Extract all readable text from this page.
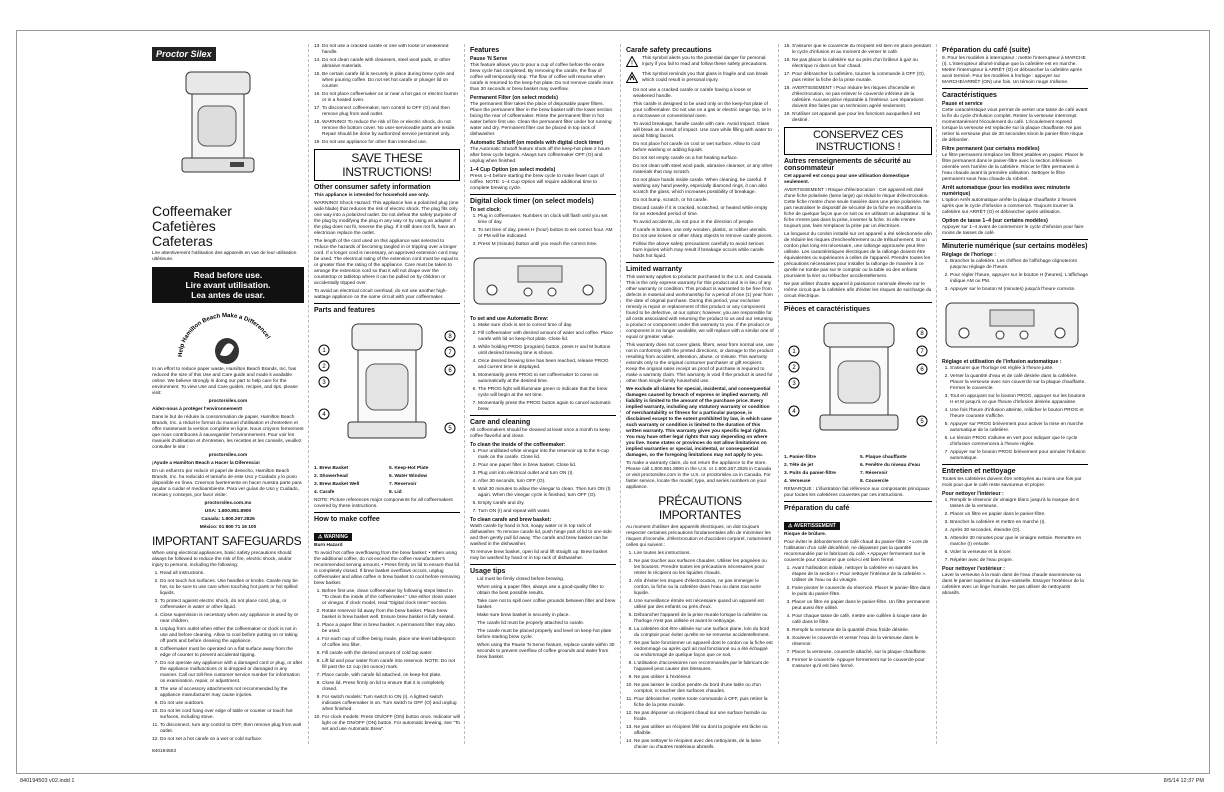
Proctor Silex
Coffeemaker
Cafetières
Cafeteras

Lire attentivement l'utilisation des appareils en vue de leur utilisation ultérieure.

Read before use.
Lire avant utilisation.
Lea antes de usar.
Help Hamilton Beach Make a Difference!

In an effort to reduce paper waste, Hamilton Beach Brands, Inc. has reduced the size of this Use and Care guide and made it available online. We believe strongly in doing our part to help care for the environment. To view Use and Care guides, recipes, and tips, please visit:

proctorsilex.com

Aidez-nous à protéger l'environnement!

Dans le but de réduire la consommation de papier, Hamilton Beach Brands, Inc. a réduit le format du manuel d'utilisation et d'entretien et offre maintenant la version complète en ligne. Nous croyons fermement que nous contribuons à sauvegarder l'environnement. Pour voir les manuels d'utilisation et d'entretien, les recettes et les conseils, veuillez consulter le site :

proctorsilex.com

¡Ayude a Hamilton Beach a Hacer la Diferencia!

En un esfuerzo por reducir el papel de desecho, Hamilton Beach Brands, Inc. ha reducido el tamaño de este Uso y Cuidado y lo puso disponible en línea. Creemos fuertemente en hacer nuestra parte para ayudar a cuidar el medioambiente. Para ver guías de Uso y Cuidado, recetas y consejos, por favor visite:

proctorsilex.com.mx

USA: 1.800.851.8900

Canada: 1.800.267.2826

México: 01 800 71 16 100

IMPORTANT SAFEGUARDS

When using electrical appliances, basic safety precautions should always be followed to reduce the risk of fire, electric shock, and/or injury to persons, including the following:

1. Read all instructions.
2. Do not touch hot surfaces. Use handles or knobs. Carafe may be hot, so be sure to use care when touching hot parts or hot spilled liquids.
3. To protect against electric shock, do not place cord, plug, or coffeemaker in water or other liquid.
4. Close supervision is necessary when any appliance is used by or near children.
5. Unplug from outlet when either the coffeemaker or clock is not in use and before cleaning. Allow to cool before putting on or taking off parts and before cleaning the appliance.
6. Coffeemaker must be operated on a flat surface away from the edge of counter to prevent accidental tipping.
7. Do not operate any appliance with a damaged cord or plug, or after the appliance malfunctions or is dropped or damaged in any manner. Call our toll-free customer service number for information on examination, repair, or adjustment.
8. The use of accessory attachments not recommended by the appliance manufacturer may cause injuries.
9. Do not use outdoors.
10. Do not let cord hang over edge of table or counter or touch hot surfaces, including stove.
11. To disconnect, turn any control to OFF, then remove plug from wall outlet.
12. Do not set a hot carafe on a wet or cold surface.

840194503

13. Do not use a cracked carafe or one with loose or weakened handle.
14. Do not clean carafe with cleansers, steel wool pads, or other abrasive materials.
15. Be certain carafe lid is securely in place during brew cycle and when pouring coffee. Do not set hot carafe or plunger lid on counter.
16. Do not place coffeemaker on or near a hot gas or electric burner or in a heated oven.
17. To disconnect coffeemaker, turn control to OFF (O) and then remove plug from wall outlet.
18. WARNING! To reduce the risk of fire or electric shock, do not remove the bottom cover. No user-serviceable parts are inside. Repair should be done by authorized service personnel only.
19. Do not use appliance for other than intended use.
SAVE THESE INSTRUCTIONS!
Other consumer safety information

This appliance is intended for household use only.

WARNING! Shock Hazard: This appliance has a polarized plug (one wide blade) that reduces the risk of electric shock. The plug fits only one way into a polarized outlet. Do not defeat the safety purpose of the plug by modifying the plug in any way or by using an adapter. If the plug does not fit, reverse the plug. If it still does not fit, have an electrician replace the outlet.

The length of the cord used on this appliance was selected to reduce the hazards of becoming tangled in or tripping over a longer cord. If a longer cord is necessary, an approved extension cord may be used. The electrical rating of the extension cord must be equal to or greater than the rating of the appliance. Care must be taken to arrange the extension cord so that it will not drape over the countertop or tabletop where it can be pulled on by children or accidentally tripped over.

To avoid an electrical circuit overload, do not use another high-wattage appliance on the same circuit with your coffeemaker.

Parts and features
1
2
3
4
8
7
6
5

1. Brew Basket	5. Keep-Hot Plate

2. Showerhead	6. Water Window

3. Brew Basket Well	7. Reservoir

4. Carafe	8. Lid

NOTE: Picture references major components for all coffeemakers covered by these instructions.

How to make coffee
⚠ WARNING

Burn Hazard

To avoid hot coffee overflowing from the brew basket: • When using the additional coffee, do not exceed the coffee manufacturer's recommended serving amount. • Press firmly on lid to ensure that lid is completely closed. If brew basket overflows occurs, unplug coffeemaker and allow coffee in brew basket to cool before removing brew basket.

1. Before first use, clean coffeemaker by following steps listed in "To clean the inside of the coffeemaker." Use either clean water or vinegar. If clock model, read "Digital clock timer" section.
2. Rotate reservoir lid away from the brew basket. Place brew basket in brew basket well. Ensure brew basket is fully seated.
3. Place a paper filter in brew basket. A permanent filter may also be used.
4. For each cup of coffee being made, place one level tablespoon of coffee into filter.
5. Fill carafe with the desired amount of cold tap water.
6. Lift lid and pour water from carafe into reservoir. NOTE: Do not fill past the 12 cup (64 ounce) mark.
7. Place carafe, with carafe lid attached, on keep-hot plate.
8. Close lid. Press firmly on lid to ensure that it is completely closed.
9. For switch models: Turn switch to ON (I). A lighted switch indicates coffeemaker is on. Turn switch to OFF (O) and unplug when finished.
10. For clock models: Press ON/OFF (ON) button once. Indicator will light on the ON/OFF (ON) button. For automatic brewing, see "To set and use Automatic Brew".
Features
Pause 'N Serve

This feature allows you to pour a cup of coffee before the entire brew cycle has completed. By removing the carafe, the flow of coffee will temporarily stop. The flow of coffee will resume when carafe is returned to the keep-hot plate. Do not remove carafe more than 30 seconds or brew basket may overflow.

Permanent Filter (on select models)

The permanent filter takes the place of disposable paper filters. Place the permanent filter in the brew basket with the lower section facing the rear of coffeemaker. Rinse the permanent filter in hot water before first use. Clean the permanent filter under hot running water and dry. Permanent filter can be placed in top rack of dishwasher.

Automatic Shutoff (on models with digital clock timer)

The Automatic Shutoff feature shuts off the keep-hot plate 2 hours after brew cycle begins. Always turn coffeemaker OFF (O) and unplug when finished.

1–4 Cup Option (on select models)

Press 1–4 before starting the brew cycle to make fewer cups of coffee. NOTE: 1–4 Cup Option will require additional time to complete brewing cycle.

Digital clock timer (on select models)
To set clock:
1. Plug in coffeemaker. Numbers on clock will flash until you set time of day.
2. To set time of day, press H (hour) button to set correct hour. AM or PM will be indicated.
3. Press M (minute) button until you reach the correct time.
To set and use Automatic Brew:
1. Make sure clock is set to correct time of day.
2. Fill coffeemaker with desired amount of water and coffee. Place carafe with lid on keep-hot plate. Close lid.
3. While holding PROG (program) button, press H and M buttons until desired brewing time is shown.
4. Once desired brewing time has been reached, release PROG and current time is displayed.
5. Momentarily press PROG to set coffeemaker to come on automatically at the desired time.
6. The PROG light will illuminate green to indicate that the brew cycle will begin at the set time.
7. Momentarily press the PROG button again to cancel automatic brew.
Care and cleaning

All coffeemakers should be cleaned at least once a month to keep coffee flavorful and clean.

To clean the inside of the coffeemaker:
1. Pour undiluted white vinegar into the reservoir up to the 6-cup mark on the carafe. Close lid.
2. Pour one paper filter in brew basket. Close lid.
3. Plug unit into electrical outlet and turn ON (I).
4. After 30 seconds, turn OFF (O).
5. Wait 30 minutes to allow the vinegar to clean. Then turn ON (I) again. When the vinegar cycle is finished, turn OFF (O).
6. Empty carafe and dry.
7. Turn ON (I) and repeat with water.
To clean carafe and brew basket:

Wash carafe by hand in hot, soapy water or in top rack of dishwasher. To remove carafe lid, push hinge part of lid to one side and then gently pull lid away. The carafe and brew basket can be washed in the dishwasher.

To remove brew basket, open lid and lift straight up. Brew basket may be washed by hand or in top rack of dishwasher.

Usage tips
• Lid must be firmly closed before brewing.
• When using a paper filter, always use a good-quality filter to obtain the best possible results.
• Take care not to spill over coffee grounds between filter and brew basket.
• Make sure brew basket is securely in place.
• The carafe lid must be properly attached to carafe.
• The carafe must be placed properly and level on keep-hot plate before starting brew cycle.
• When using the Pause 'N Serve feature, replace carafe within 30 seconds to prevent overflow of coffee grounds and water from brew basket.
Carafe safety precautions
!

This symbol alerts you to the potential danger for personal injury if you fail to read and follow these safety precautions.

This symbol reminds you that glass is fragile and can break which could result in personal injury.

• Do not use a cracked carafe or carafe having a loose or weakened handle.
• This carafe is designed to be used only on the keep-hot plate of your coffeemaker. Do not use on a gas or electric range top, or in a microwave or conventional oven.
• To avoid breakage, handle carafe with care. Avoid impact. Glass will break as a result of impact. Use care while filling with water to avoid hitting faucet.
• Do not place hot carafe on cool or wet surface. Allow to cool before washing or adding liquids.
• Do not set empty carafe on a hot heating surface.
• Do not clean with steel wool pads, abrasive cleanser, or any other materials that may scratch.
• Do not place hands inside carafe. When cleaning, be careful. If washing any hand jewelry, especially diamond rings, it can also scratch the glass, which increases possibility of breakage.
• Do not bump, scratch, or hit carafe.
• Discard carafe if it is cracked, scratched, or heated while empty for an extended period of time.
• To avoid accidents, do not pour in the direction of people.
• If carafe is broken, use only wooden, plastic, or rubber utensils. Do not use knives or other sharp objects to remove carafe pieces.
• Follow the above safety precautions carefully to avoid serious burn injuries which may result if breakage occurs while carafe holds hot liquid.
Limited warranty

This warranty applies to products purchased in the U.S. and Canada. This is the only express warranty for this product and is in lieu of any other warranty or condition. This product is warranted to be free from defects in material and workmanship for a period of one (1) year from the date of original purchase. During this period, your exclusive remedy is repair or replacement of this product or any component found to be defective, at our option; however, you are responsible for all costs associated with returning the product to us and our returning a product or component under this warranty to you. If the product or component is no longer available, we will replace with a similar one of equal or greater value.

This warranty does not cover glass, filters, wear from normal use, use not in conformity with the printed directions, or damage to the product resulting from accident, alteration, abuse, or misuse. This warranty extends only to the original consumer purchaser or gift recipient. Keep the original sales receipt as proof of purchase is required to make a warranty claim. This warranty is void if the product is used for other than single-family household use.

We exclude all claims for special, incidental, and consequential damages caused by breach of express or implied warranty. All liability is limited to the amount of the purchase price. Every implied warranty, including any statutory warranty or condition of merchantability or fitness for a particular purpose, is disclaimed except to the extent prohibited by law, in which case such warranty or condition is limited to the duration of this written warranty. This warranty gives you specific legal rights. You may have other legal rights that vary depending on where you live. Some states or provinces do not allow limitations on implied warranties or special, incidental, or consequential damages, so the foregoing limitations may not apply to you.

To make a warranty claim, do not return the appliance to the store. Please call 1.800.851.8900 in the U.S. or 1.800.267.2826 in Canada or visit proctorsilex.com in the U.S. or proctorsilex.ca in Canada. For faster service, locate the model, type, and series numbers on your appliance.

PRÉCAUTIONS IMPORTANTES

Au moment d'utiliser des appareils électriques, on doit toujours respecter certaines précautions fondamentales afin de minimiser les risques d'incendie, d'électrocution et d'accident corporel, notamment celles qui suivent :

1. Lire toutes les instructions.
2. Ne pas toucher aux surfaces chaudes. Utiliser les poignées ou les boutons. Prendre toutes les précautions nécessaires pour retirer le récipient ou les liquides chauds.
3. Afin d'éviter les risques d'électrocution, ne pas immerger le cordon, la fiche ou la cafetière dans l'eau ou dans tout autre liquide.
4. Une surveillance étroite est nécessaire quand un appareil est utilisé par des enfants ou près d'eux.
5. Débrancher l'appareil de la prise murale lorsque la cafetière ou l'horloge n'est pas utilisée et avant le nettoyage.
6. La cafetière doit être utilisée sur une surface plane, loin du bord du comptoir pour éviter qu'elle ne se renverse accidentellement.
7. Ne pas faire fonctionner un appareil dont le cordon ou la fiche est endommagé ou après qu'il ait mal fonctionné ou a été échappé ou endommagé de quelque façon que ce soit.
8. L'utilisation d'accessoires non recommandés par le fabricant de l'appareil peut causer des blessures.
9. Ne pas utiliser à l'extérieur.
10. Ne pas laisser le cordon pendre du bord d'une table ou d'un comptoir, ni toucher des surfaces chaudes.
11. Pour débrancher, mettre toute commande à OFF, puis retirer la fiche de la prise murale.
12. Ne pas déposer un récipient chaud sur une surface humide ou froide.
13. Ne pas utiliser un récipient fêlé ou dont la poignée est lâche ou affaiblie.
14. Ne pas nettoyer le récipient avec des nettoyants, de la laine d'acier ou d'autres matériaux abrasifs.
15. S'assurer que le couvercle du récipient est bien en place pendant le cycle d'infusion et au moment de verser le café.
16. Ne pas placer la cafetière sur ou près d'un brûleur à gaz ou électrique ni dans un four chaud.
17. Pour débrancher la cafetière, tourner la commande à OFF (O), puis retirer la fiche de la prise murale.
18. AVERTISSEMENT ! Pour réduire les risques d'incendie et d'électrocution, ne pas enlever le couvercle inférieur de la cafetière. Aucune pièce réparable à l'intérieur. Les réparations doivent être faites par un technicien agréé seulement.
19. N'utiliser cet appareil que pour les fonctions auxquelles il est destiné.
CONSERVEZ CES INSTRUCTIONS !
Autres renseignements de sécurité au consommateur

Cet appareil est conçu pour une utilisation domestique seulement.

AVERTISSEMENT ! Risque d'électrocution : Cet appareil est doté d'une fiche polarisée (lame large) qui réduit le risque d'électrocution. Cette fiche n'entre d'une seule manière dans une prise polarisée. Ne pas neutraliser le dispositif de sécurité de la fiche en modifiant la fiche de quelque façon que ce soit ou en utilisant un adaptateur. Si la fiche n'entre pas dans la prise, inverser la fiche. Si elle n'entre toujours pas, faire remplacer la prise par un électricien.

La longueur du cordon installé sur cet appareil a été sélectionnée afin de réduire les risques d'enchevêtrement ou de trébuchement. Si un cordon plus long est nécessaire, une rallonge approuvée peut être utilisée. Les caractéristiques électriques de la rallonge doivent être équivalentes ou supérieures à celles de l'appareil. Prendre toutes les précautions nécessaires pour installer la rallonge de manière à ce qu'elle ne tombe pas sur le comptoir ou la table où des enfants pourraient la tirer ou trébucher accidentellement.

Ne pas utiliser d'autre appareil à puissance nominale élevée sur le même circuit que la cafetière afin d'éviter les risques de surcharge du circuit électrique.

Pièces et caractéristiques
1
2
3
4
8
7
6
5

1. Panier-filtre	5. Plaque chauffante

2. Tête de jet	6. Fenêtre du niveau d'eau

3. Puits du panier-filtre	7. Réservoir

4. Verseuse	8. Couvercle

REMARQUE : L'illustration fait référence aux composants principaux pour toutes les cafetières couvertes par ces instructions.

Préparation du café
⚠ AVERTISSEMENT

Risque de brûlure.

Pour éviter le débordement de café chaud du panier-filtre : • Lors de l'utilisation d'un café décaféiné, ne dépassez pas la quantité recommandée par le fabricant du café. • Appuyer fermement sur le couvercle pour s'assurer que celui-ci est bien fermé.

1. Avant l'utilisation initiale, nettoyer la cafetière en suivant les étapes de la section « Pour nettoyer l'intérieur de la cafetière ». Utiliser de l'eau ou du vinaigre.
2. Faire pivoter le couvercle du réservoir. Placer le panier-filtre dans le puits du panier-filtre.
3. Placer un filtre en papier dans le panier-filtre. Un filtre permanent peut aussi être utilisé.
4. Pour chaque tasse de café, mettre une cuillère à soupe rase de café dans le filtre.
5. Remplir la verseuse de la quantité d'eau froide désirée.
6. Soulever le couvercle et verser l'eau de la verseuse dans le réservoir.
7. Placer la verseuse, couvercle attaché, sur la plaque chauffante.
8. Fermer le couvercle. Appuyer fermement sur le couvercle pour s'assurer qu'il est bien fermé.
Préparation du café (suite)

9. Pour les modèles à interrupteur : mettre l'interrupteur à MARCHE (I). L'interrupteur allumé indique que la cafetière est en marche. Mettre l'interrupteur à ARRÊT (O) et débrancher la cafetière après avoir terminé. Pour les modèles à horloge : appuyer sur MARCHE/ARRÊT (ON) une fois. Un témoin rouge s'allume.

Caractéristiques
Pause et service

Cette caractéristique vous permet de verser une tasse de café avant la fin du cycle d'infusion complet. Retirer la verseuse interrompt momentanément l'écoulement du café. L'écoulement reprend lorsque la verseuse est replacée sur la plaque chauffante. Ne pas retirer la verseuse plus de 30 secondes sinon le panier-filtre risque de déborder.

Filtre permanent (sur certains modèles)

Le filtre permanent remplace les filtres jetables en papier. Placer le filtre permanent dans le panier-filtre avec la section inférieure orientée vers l'arrière de la cafetière. Rincer le filtre permanent à l'eau chaude avant la première utilisation. Nettoyer le filtre permanent sous l'eau chaude du robinet.

Arrêt automatique (pour les modèles avec minuterie numérique)

L'option Arrêt automatique arrête la plaque chauffante 2 heures après que le cycle d'infusion a commencé. Toujours tourner la cafetière sur ARRÊT (O) et débrancher après utilisation.

Option de tasse 1–4 (sur certains modèles)

Appuyer sur 1–4 avant de commencer le cycle d'infusion pour faire moins de tasses de café.

Minuterie numérique (sur certains modèles)
Réglage de l'horloge :
1. Brancher la cafetière. Les chiffres de l'affichage clignoteront jusqu'au réglage de l'heure.
2. Pour régler l'heure, appuyer sur le bouton H (heures). L'affichage indique AM ou PM.
3. Appuyer sur le bouton M (minutes) jusqu'à l'heure correcte.
Réglage et utilisation de l'infusion automatique :
1. S'assurer que l'horloge est réglée à l'heure juste.
2. Verser la quantité d'eau et de café désirée dans la cafetière. Placer la verseuse avec son couvercle sur la plaque chauffante. Fermer le couvercle.
3. Tout en appuyant sur le bouton PROG, appuyer sur les boutons H et M jusqu'à ce que l'heure d'infusion désirée apparaisse.
4. Une fois l'heure d'infusion atteinte, relâcher le bouton PROG et l'heure courante s'affiche.
5. Appuyer sur PROG brièvement pour activer la mise en marche automatique de la cafetière.
6. Le témoin PROG s'allume en vert pour indiquer que le cycle d'infusion commencera à l'heure réglée.
7. Appuyer sur le bouton PROG brièvement pour annuler l'infusion automatique.
Entretien et nettoyage

Toutes les cafetières doivent être nettoyées au moins une fois par mois pour que le café reste savoureux et propre.

Pour nettoyer l'intérieur :
1. Remplir le réservoir de vinaigre blanc jusqu'à la marque de 6 tasses de la verseuse.
2. Placer un filtre en papier dans le panier-filtre.
3. Brancher la cafetière et mettre en marche (I).
4. Après 30 secondes, éteindre (O).
5. Attendre 30 minutes pour que le vinaigre nettoie. Remettre en marche (I) ensuite.
6. Vider la verseuse et la rincer.
7. Répéter avec de l'eau propre.
Pour nettoyer l'extérieur :

Laver la verseuse à la main dans de l'eau chaude savonneuse ou dans le panier supérieur du lave-vaisselle. Essuyer l'extérieur de la cafetière avec un linge humide. Ne pas utiliser de nettoyants abrasifs.

840194503 v02.indd 1	8/5/14 12:37 PM
